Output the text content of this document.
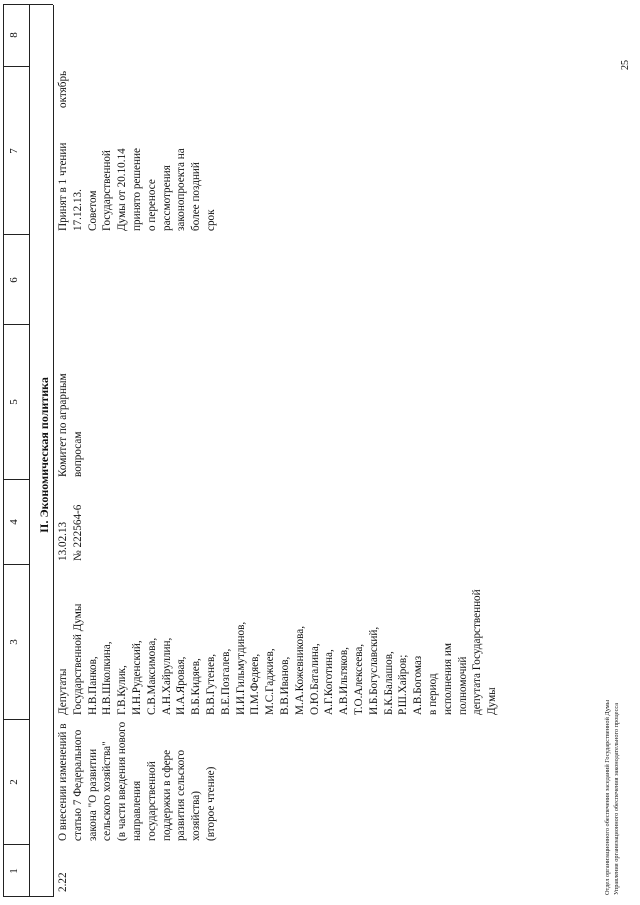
1
2
3
4
5
6
7
8
II. Экономическая политика
2.22
О внесении изменений в статью 7 Федерального закона "О развитии сельского хозяйства" (в части введения нового направления государственной поддержки в сфере развития сельского хозяйства) (второе чтение)
Депутаты Государственной Думы Н.В.Панков, Н.В.Школкина, Г.В.Кулик, И.Н.Руденский, С.В.Максимова, А.Н.Хайруллин, И.А.Яровая, В.Б.Кидяев, В.В.Гутенев, В.Е.Позгалев, И.И.Гильмутдинов, П.М.Федяев, М.С.Гаджиев, В.В.Иванов, М.А.Кожевникова, О.Ю.Баталина, А.Г.Коготина, А.В.Ильтяков, Т.О.Алексеева, И.Б.Богуславский, Б.К.Балашов, Р.Ш.Хайров; А.В.Богомаз в период исполнения им полномочий депутата Государственной Думы
13.02.13 № 222564-6
Комитет по аграрным вопросам
Принят в 1 чтении 17.12.13. Советом Государственной Думы от 20.10.14 принято решение о переносе рассмотрения законопроекта на более поздний срок
октябрь
25
Отдел организационного обеспечения заседаний Государственной Думы Управления организационного обеспечения законодательного процесса
